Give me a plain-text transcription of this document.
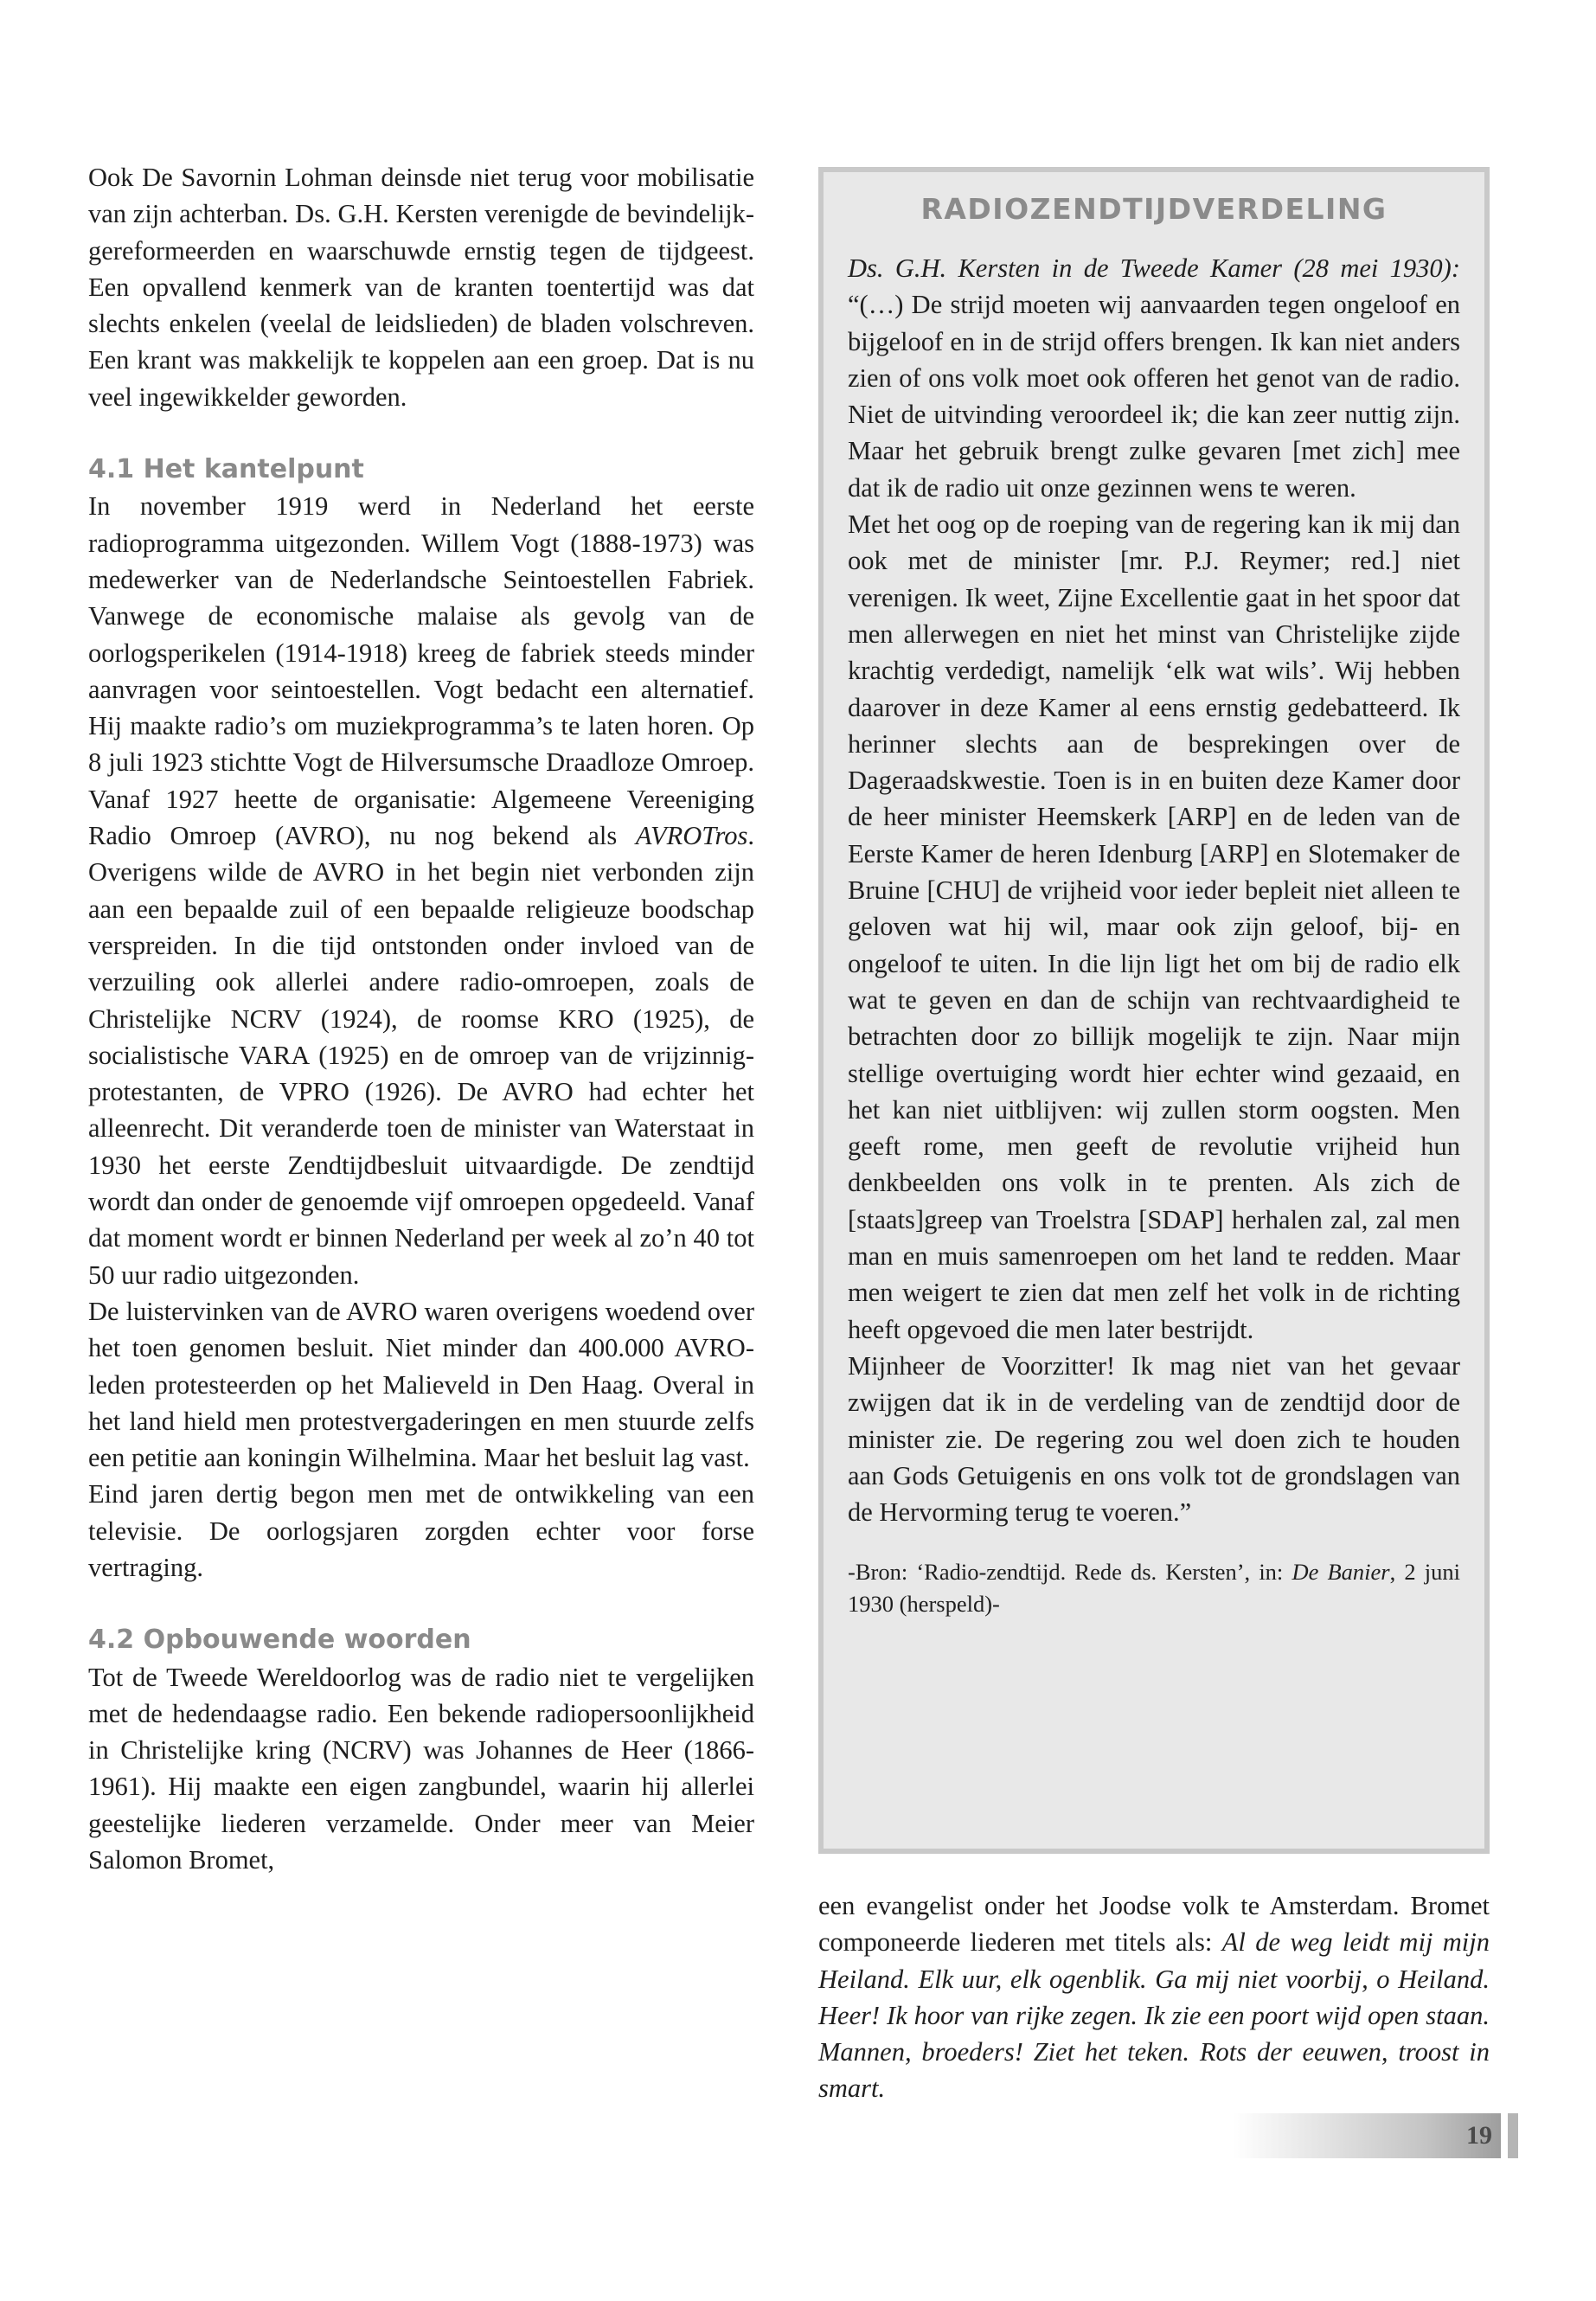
Ook De Savornin Lohman deinsde niet terug voor mobilisatie van zijn achterban. Ds. G.H. Kersten verenigde de bevindelijk-gereformeerden en waarschuwde ernstig tegen de tijdgeest. Een opvallend kenmerk van de kranten toentertijd was dat slechts enkelen (veelal de leidslieden) de bladen volschreven. Een krant was makkelijk te koppelen aan een groep. Dat is nu veel ingewikkelder geworden.

4.1 Het kantelpunt

In november 1919 werd in Nederland het eerste radioprogramma uitgezonden. Willem Vogt (1888-1973) was medewerker van de Nederlandsche Seintoestellen Fabriek. Vanwege de economische malaise als gevolg van de oorlogsperikelen (1914-1918) kreeg de fabriek steeds minder aanvragen voor seintoestellen. Vogt bedacht een alternatief. Hij maakte radio’s om muziekprogramma’s te laten horen. Op 8 juli 1923 stichtte Vogt de Hilversumsche Draadloze Omroep. Vanaf 1927 heette de organisatie: Algemeene Vereeniging Radio Omroep (AVRO), nu nog bekend als AVROTros. Overigens wilde de AVRO in het begin niet verbonden zijn aan een bepaalde zuil of een bepaalde religieuze boodschap verspreiden. In die tijd ontstonden onder invloed van de verzuiling ook allerlei andere radio-omroepen, zoals de Christelijke NCRV (1924), de roomse KRO (1925), de socialistische VARA (1925) en de omroep van de vrijzinnig-protestanten, de VPRO (1926). De AVRO had echter het alleenrecht. Dit veranderde toen de minister van Waterstaat in 1930 het eerste Zendtijdbesluit uitvaardigde. De zendtijd wordt dan onder de genoemde vijf omroepen opgedeeld. Vanaf dat moment wordt er binnen Nederland per week al zo’n 40 tot 50 uur radio uitgezonden.

De luistervinken van de AVRO waren overigens woedend over het toen genomen besluit. Niet minder dan 400.000 AVRO-leden protesteerden op het Malieveld in Den Haag. Overal in het land hield men protestvergaderingen en men stuurde zelfs een petitie aan koningin Wilhelmina. Maar het besluit lag vast.

Eind jaren dertig begon men met de ontwikkeling van een televisie. De oorlogsjaren zorgden echter voor forse vertraging.

4.2 Opbouwende woorden

Tot de Tweede Wereldoorlog was de radio niet te vergelijken met de hedendaagse radio. Een bekende radiopersoonlijkheid in Christelijke kring (NCRV) was Johannes de Heer (1866-1961). Hij maakte een eigen zangbundel, waarin hij allerlei geestelijke liederen verzamelde. Onder meer van Meier Salomon Bromet,

RADIOZENDTIJDVERDELING

Ds. G.H. Kersten in de Tweede Kamer (28 mei 1930): “(…) De strijd moeten wij aanvaarden tegen ongeloof en bijgeloof en in de strijd offers brengen. Ik kan niet anders zien of ons volk moet ook offeren het genot van de radio. Niet de uitvinding veroordeel ik; die kan zeer nuttig zijn. Maar het gebruik brengt zulke gevaren [met zich] mee dat ik de radio uit onze gezinnen wens te weren.

Met het oog op de roeping van de regering kan ik mij dan ook met de minister [mr. P.J. Reymer; red.] niet verenigen. Ik weet, Zijne Excellentie gaat in het spoor dat men allerwegen en niet het minst van Christelijke zijde krachtig verdedigt, namelijk ‘elk wat wils’. Wij hebben daarover in deze Kamer al eens ernstig gedebatteerd. Ik herinner slechts aan de besprekingen over de Dageraadskwestie. Toen is in en buiten deze Kamer door de heer minister Heemskerk [ARP] en de leden van de Eerste Kamer de heren Idenburg [ARP] en Slotemaker de Bruine [CHU] de vrijheid voor ieder bepleit niet alleen te geloven wat hij wil, maar ook zijn geloof, bij- en ongeloof te uiten. In die lijn ligt het om bij de radio elk wat te geven en dan de schijn van rechtvaardigheid te betrachten door zo billijk mogelijk te zijn. Naar mijn stellige overtuiging wordt hier echter wind gezaaid, en het kan niet uitblijven: wij zullen storm oogsten. Men geeft rome, men geeft de revolutie vrijheid hun denkbeelden ons volk in te prenten. Als zich de [staats]greep van Troelstra [SDAP] herhalen zal, zal men man en muis samenroepen om het land te redden. Maar men weigert te zien dat men zelf het volk in de richting heeft opgevoed die men later bestrijdt.

Mijnheer de Voorzitter! Ik mag niet van het gevaar zwijgen dat ik in de verdeling van de zendtijd door de minister zie. De regering zou wel doen zich te houden aan Gods Getuigenis en ons volk tot de grondslagen van de Hervorming terug te voeren.”

-Bron: ‘Radio-zendtijd. Rede ds. Kersten’, in: De Banier, 2 juni 1930 (herspeld)-

een evangelist onder het Joodse volk te Amsterdam. Bromet componeerde liederen met titels als: Al de weg leidt mij mijn Heiland. Elk uur, elk ogenblik. Ga mij niet voorbij, o Heiland. Heer! Ik hoor van rijke zegen. Ik zie een poort wijd open staan. Mannen, broeders! Ziet het teken. Rots der eeuwen, troost in smart.

19
